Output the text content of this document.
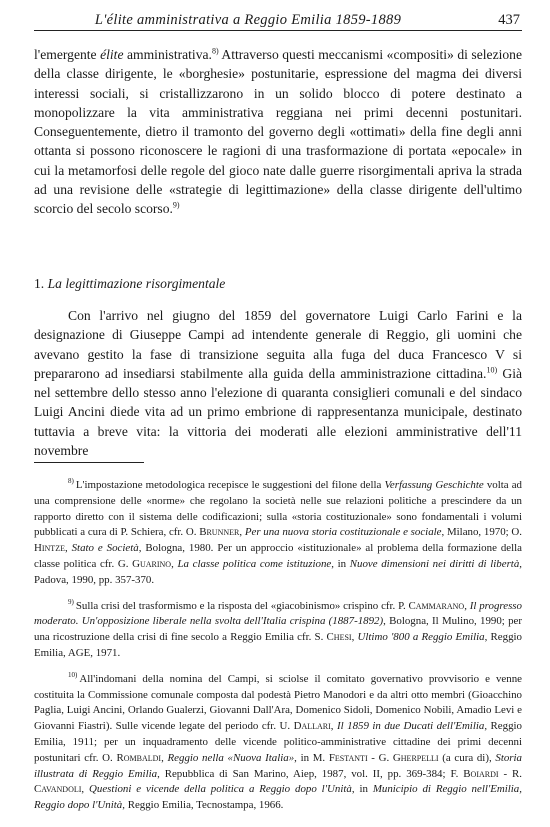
L'élite amministrativa a Reggio Emilia 1859-1889	437

l'emergente élite amministrativa.$^{8)}$ Attraverso questi meccanismi «compositi» di selezione della classe dirigente, le «borghesie» postunitarie, espressione del magma dei diversi interessi sociali, si cristallizzarono in un solido blocco di potere destinato a monopolizzare la vita amministrativa reggiana nei primi decenni postunitari. Conseguentemente, dietro il tramonto del governo degli «ottimati» della fine degli anni ottanta si possono riconoscere le ragioni di una trasformazione di portata «epocale» in cui la metamorfosi delle regole del gioco nate dalle guerre risorgimentali apriva la strada ad una revisione delle «strategie di legittimazione» della classe dirigente dell'ultimo scorcio del secolo scorso.$^{9)}$

1. La legittimazione risorgimentale

Con l'arrivo nel giugno del 1859 del governatore Luigi Carlo Farini e la designazione di Giuseppe Campi ad intendente generale di Reggio, gli uomini che avevano gestito la fase di transizione seguita alla fuga del duca Francesco V si prepararono ad insediarsi stabilmente alla guida della amministrazione cittadina.$^{10)}$ Già nel settembre dello stesso anno l'elezione di quaranta consiglieri comunali e del sindaco Luigi Ancini diede vita ad un primo embrione di rappresentanza municipale, destinato tuttavia a breve vita: la vittoria dei moderati alle elezioni amministrative dell'11 novembre

$^{8)}$ L'impostazione metodologica recepisce le suggestioni del filone della Verfassung Geschichte volta ad una comprensione delle «norme» che regolano la società nelle sue relazioni politiche a prescindere da un rapporto diretto con il sistema delle codificazioni; sulla «storia costituzionale» sono fondamentali i volumi pubblicati a cura di P. Schiera, cfr. O. Brunner, Per una nuova storia costituzionale e sociale, Milano, 1970; O. Hintze, Stato e Società, Bologna, 1980. Per un approccio «istituzionale» al problema della formazione della classe politica cfr. G. Guarino, La classe politica come istituzione, in Nuove dimensioni nei diritti di libertà, Padova, 1990, pp. 357-370.

$^{9)}$ Sulla crisi del trasformismo e la risposta del «giacobinismo» crispino cfr. P. Cammarano, Il progresso moderato. Un'opposizione liberale nella svolta dell'Italia crispina (1887-1892), Bologna, Il Mulino, 1990; per una ricostruzione della crisi di fine secolo a Reggio Emilia cfr. S. Chesi, Ultimo '800 a Reggio Emilia, Reggio Emilia, AGE, 1971.

$^{10)}$ All'indomani della nomina del Campi, si sciolse il comitato governativo provvisorio e venne costituita la Commissione comunale composta dal podestà Pietro Manodori e da altri otto membri (Gioacchino Paglia, Luigi Ancini, Orlando Gualerzi, Giovanni Dall'Ara, Domenico Sidoli, Domenico Nobili, Amadio Levi e Giovanni Fiastri). Sulle vicende legate del periodo cfr. U. Dallari, Il 1859 in due Ducati dell'Emilia, Reggio Emilia, 1911; per un inquadramento delle vicende politico-amministrative cittadine dei primi decenni postunitari cfr. O. Rombaldi, Reggio nella «Nuova Italia», in M. Festanti - G. Gherpelli (a cura di), Storia illustrata di Reggio Emilia, Repubblica di San Marino, Aiep, 1987, vol. II, pp. 369-384; F. Boiardi - R. Cavandoli, Questioni e vicende della politica a Reggio dopo l'Unità, in Municipio di Reggio nell'Emilia, Reggio dopo l'Unità, Reggio Emilia, Tecnostampa, 1966.
